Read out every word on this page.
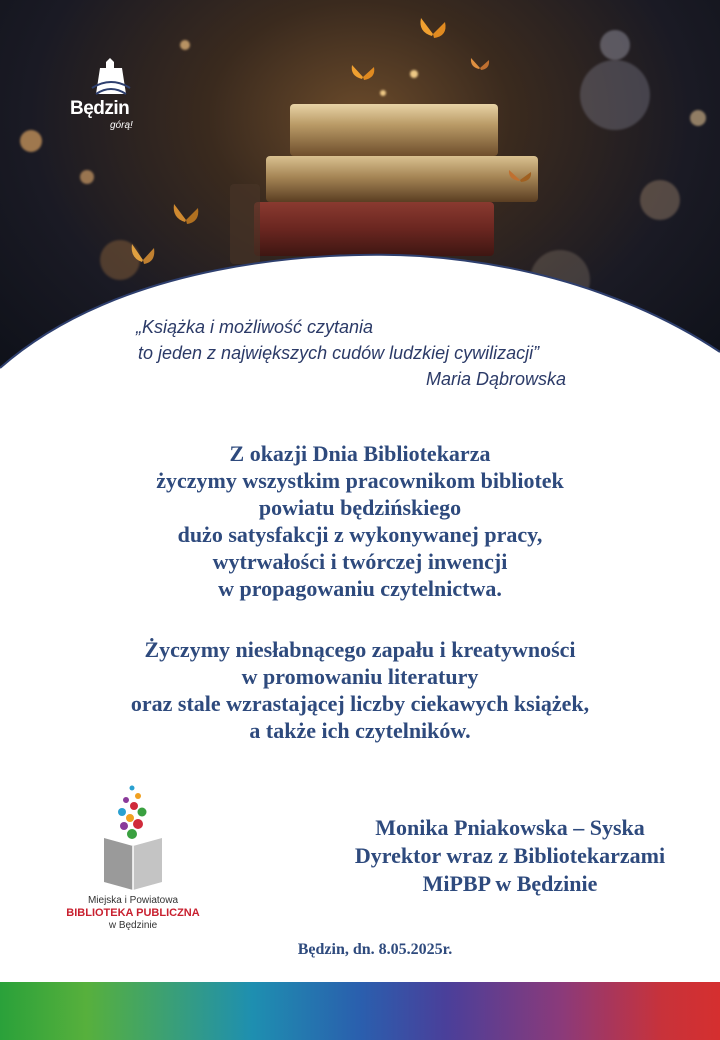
Będzin
górą!
„Książka i możliwość czytania
to jeden z największych cudów ludzkiej cywilizacji”
Maria Dąbrowska
Z okazji Dnia Bibliotekarza
życzymy wszystkim pracownikom bibliotek
powiatu będzińskiego
dużo satysfakcji z wykonywanej pracy,
wytrwałości i twórczej inwencji
w propagowaniu czytelnictwa.
Życzymy niesłabnącego zapału i kreatywności
w promowaniu literatury
oraz stale wzrastającej liczby ciekawych książek,
a także ich czytelników.
Miejska i Powiatowa
BIBLIOTEKA PUBLICZNA
w Będzinie
Monika Pniakowska – Syska
Dyrektor wraz z Bibliotekarzami
MiPBP w Będzinie
Będzin, dn. 8.05.2025r.
